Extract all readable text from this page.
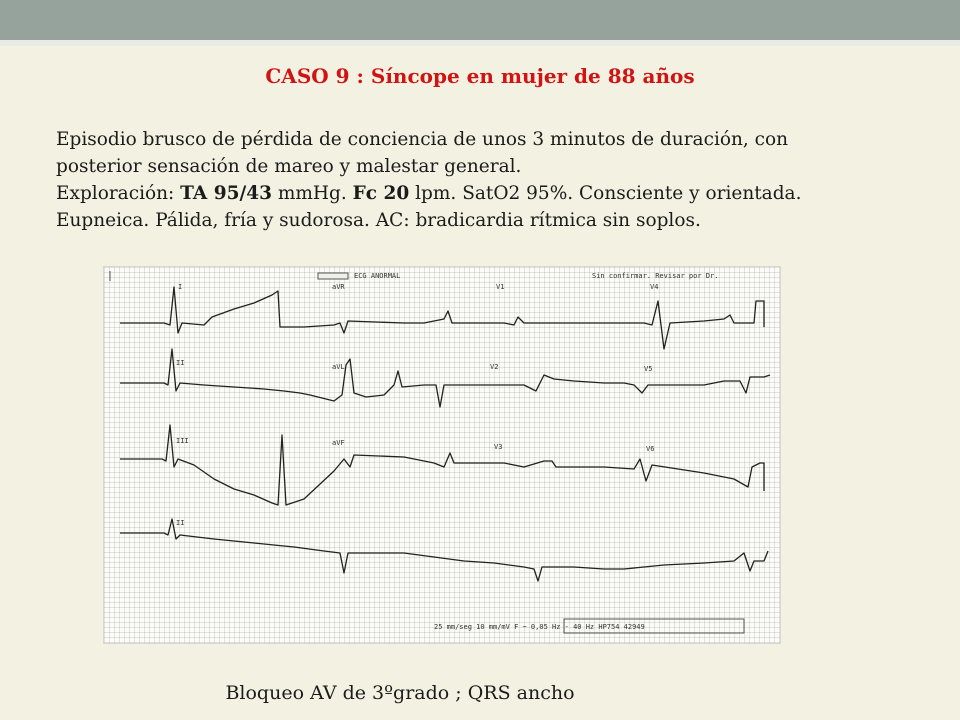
CASO 9 : Síncope en mujer de 88 años

Episodio brusco de pérdida de conciencia de unos 3 minutos de duración, con

posterior sensación de mareo y malestar general.

Exploración: TA 95/43 mmHg. Fc 20 lpm. SatO2 95%. Consciente y orientada.

Eupneica. Pálida, fría y sudorosa. AC: bradicardia rítmica sin soplos.

ECG ANORMAL	Sin confirmar. Revisar por Dr.
I	aVR	V1	V4
II	aVL	V2	V5
III	aVF	V3	V6
II
25 mm/seg 10 mm/mV F ~ 0,05 Hz - 40 Hz HP754 42949
Bloqueo AV de 3ºgrado ; QRS ancho
